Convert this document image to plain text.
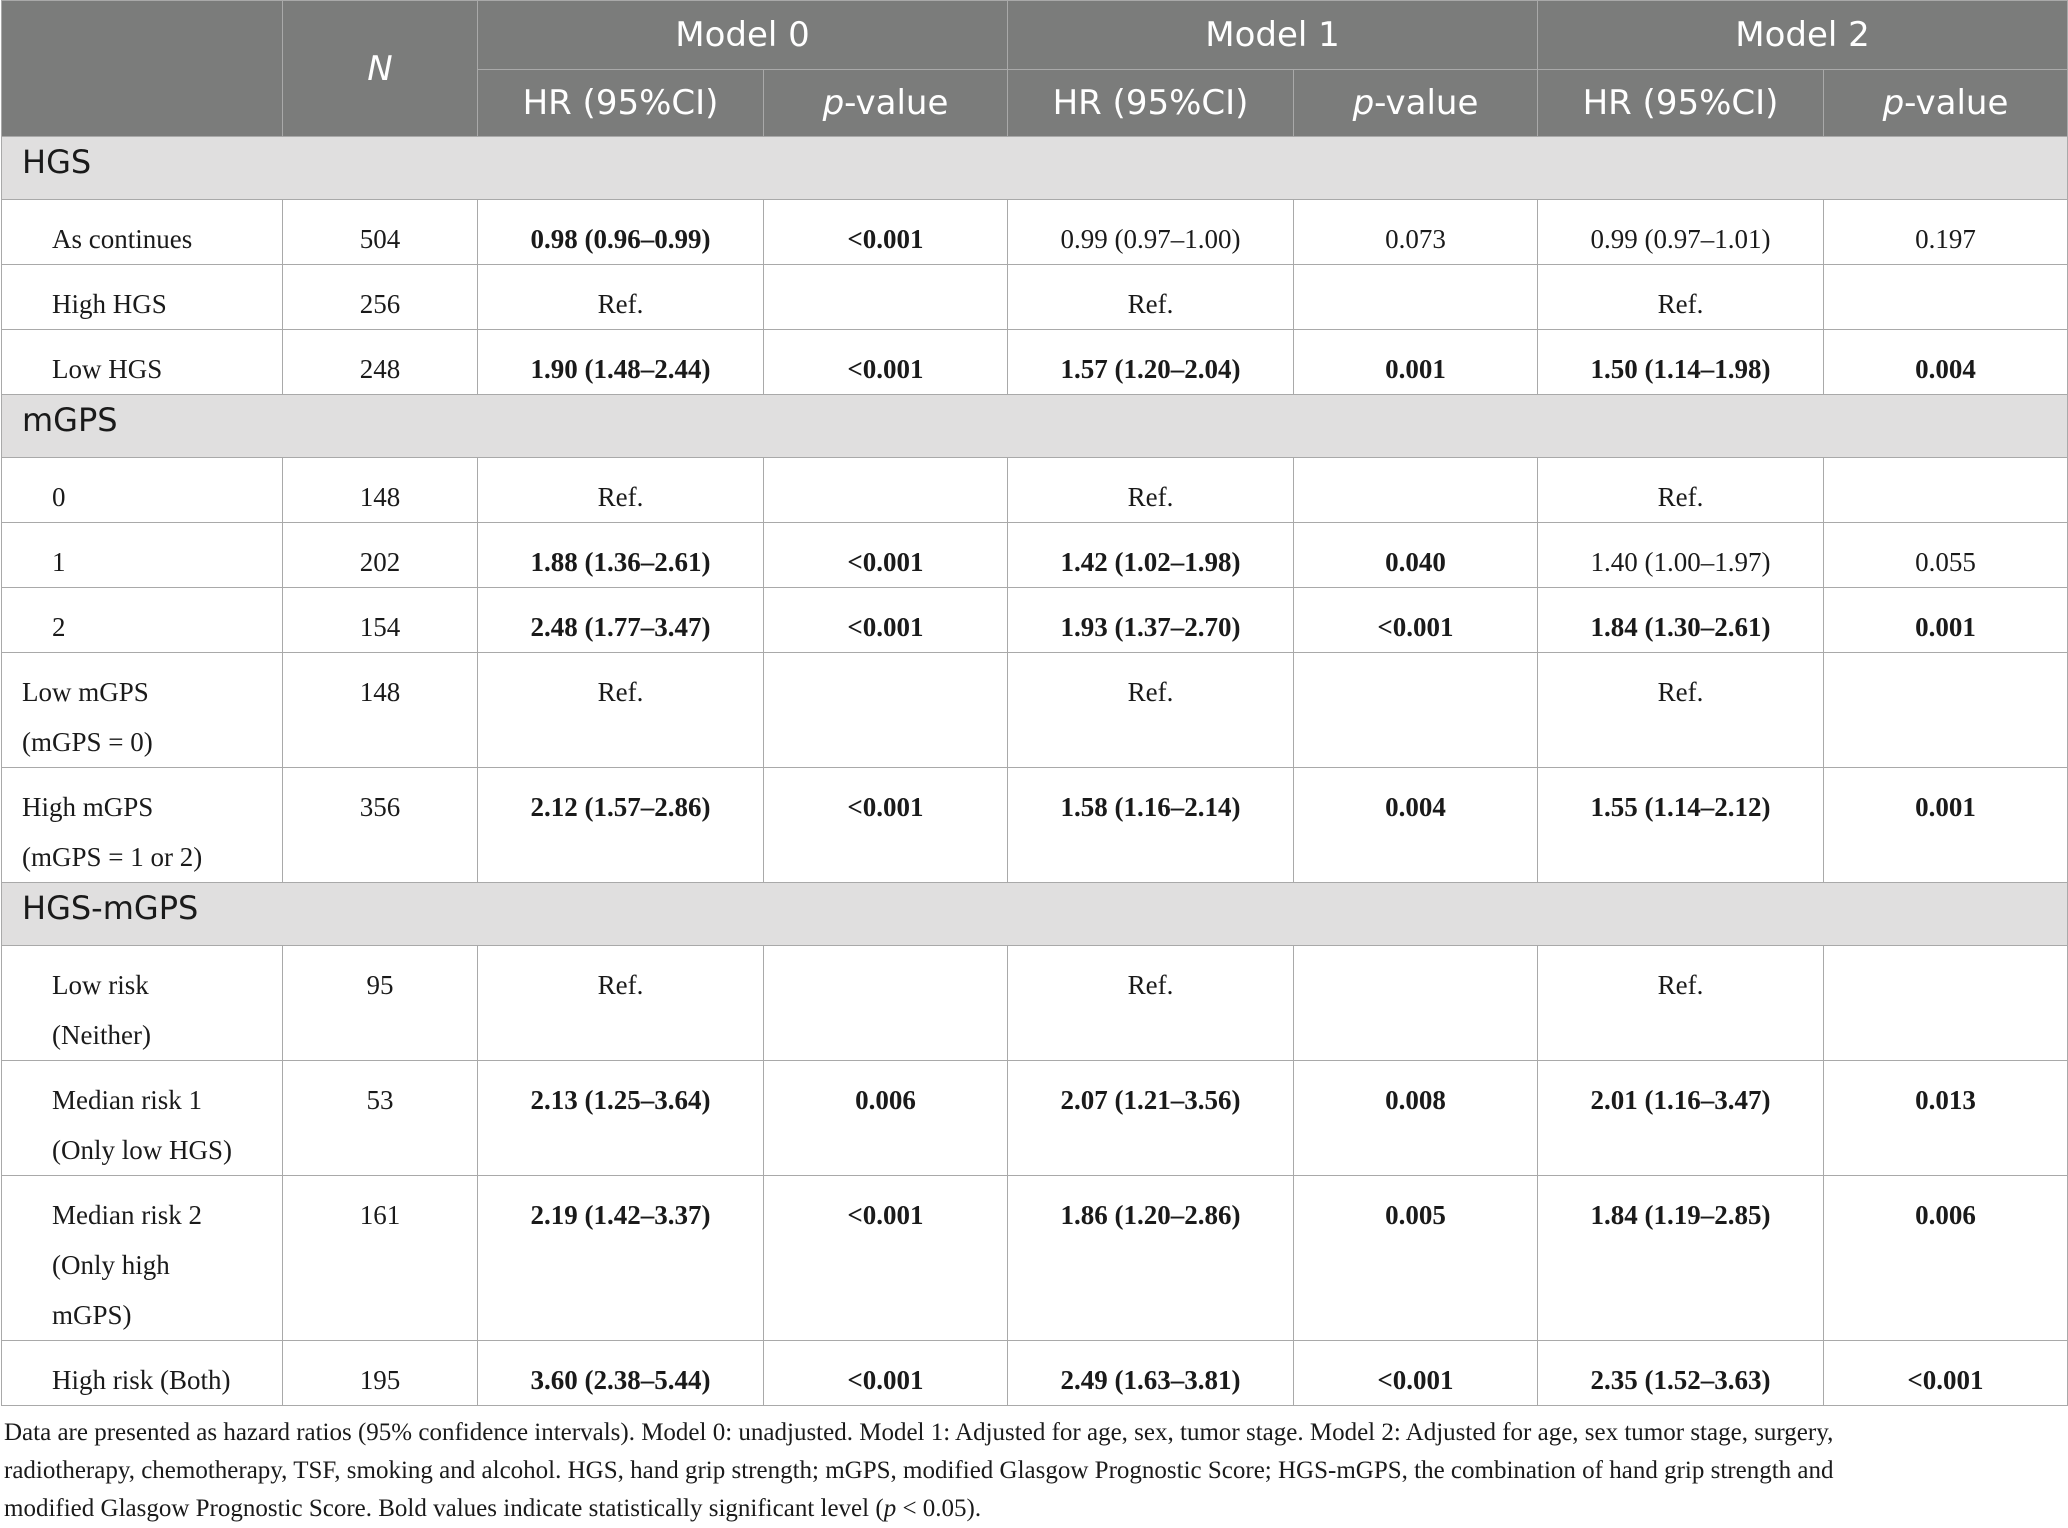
	N	Model 0		Model 1		Model 2	
		HR (95%CI)	p-value	HR (95%CI)	p-value	HR (95%CI)	p-value
HGS							
As continues	504	0.98 (0.96–0.99)	<0.001	0.99 (0.97–1.00)	0.073	0.99 (0.97–1.01)	0.197
High HGS	256	Ref.		Ref.		Ref.	
Low HGS	248	1.90 (1.48–2.44)	<0.001	1.57 (1.20–2.04)	0.001	1.50 (1.14–1.98)	0.004
mGPS							
0	148	Ref.		Ref.		Ref.	
1	202	1.88 (1.36–2.61)	<0.001	1.42 (1.02–1.98)	0.040	1.40 (1.00–1.97)	0.055
2	154	2.48 (1.77–3.47)	<0.001	1.93 (1.37–2.70)	<0.001	1.84 (1.30–2.61)	0.001
Low mGPS
(mGPS = 0)	148	Ref.		Ref.		Ref.	
High mGPS
(mGPS = 1 or 2)	356	2.12 (1.57–2.86)	<0.001	1.58 (1.16–2.14)	0.004	1.55 (1.14–2.12)	0.001
HGS-mGPS							
Low risk
(Neither)	95	Ref.		Ref.		Ref.	
Median risk 1
(Only low HGS)	53	2.13 (1.25–3.64)	0.006	2.07 (1.21–3.56)	0.008	2.01 (1.16–3.47)	0.013
Median risk 2
(Only high
mGPS)	161	2.19 (1.42–3.37)	<0.001	1.86 (1.20–2.86)	0.005	1.84 (1.19–2.85)	0.006
High risk (Both)	195	3.60 (2.38–5.44)	<0.001	2.49 (1.63–3.81)	<0.001	2.35 (1.52–3.63)	<0.001
Data are presented as hazard ratios (95% confidence intervals). Model 0: unadjusted. Model 1: Adjusted for age, sex, tumor stage. Model 2: Adjusted for age, sex tumor stage, surgery,
radiotherapy, chemotherapy, TSF, smoking and alcohol. HGS, hand grip strength; mGPS, modified Glasgow Prognostic Score; HGS-mGPS, the combination of hand grip strength and
modified Glasgow Prognostic Score. Bold values indicate statistically significant level (p < 0.05).
